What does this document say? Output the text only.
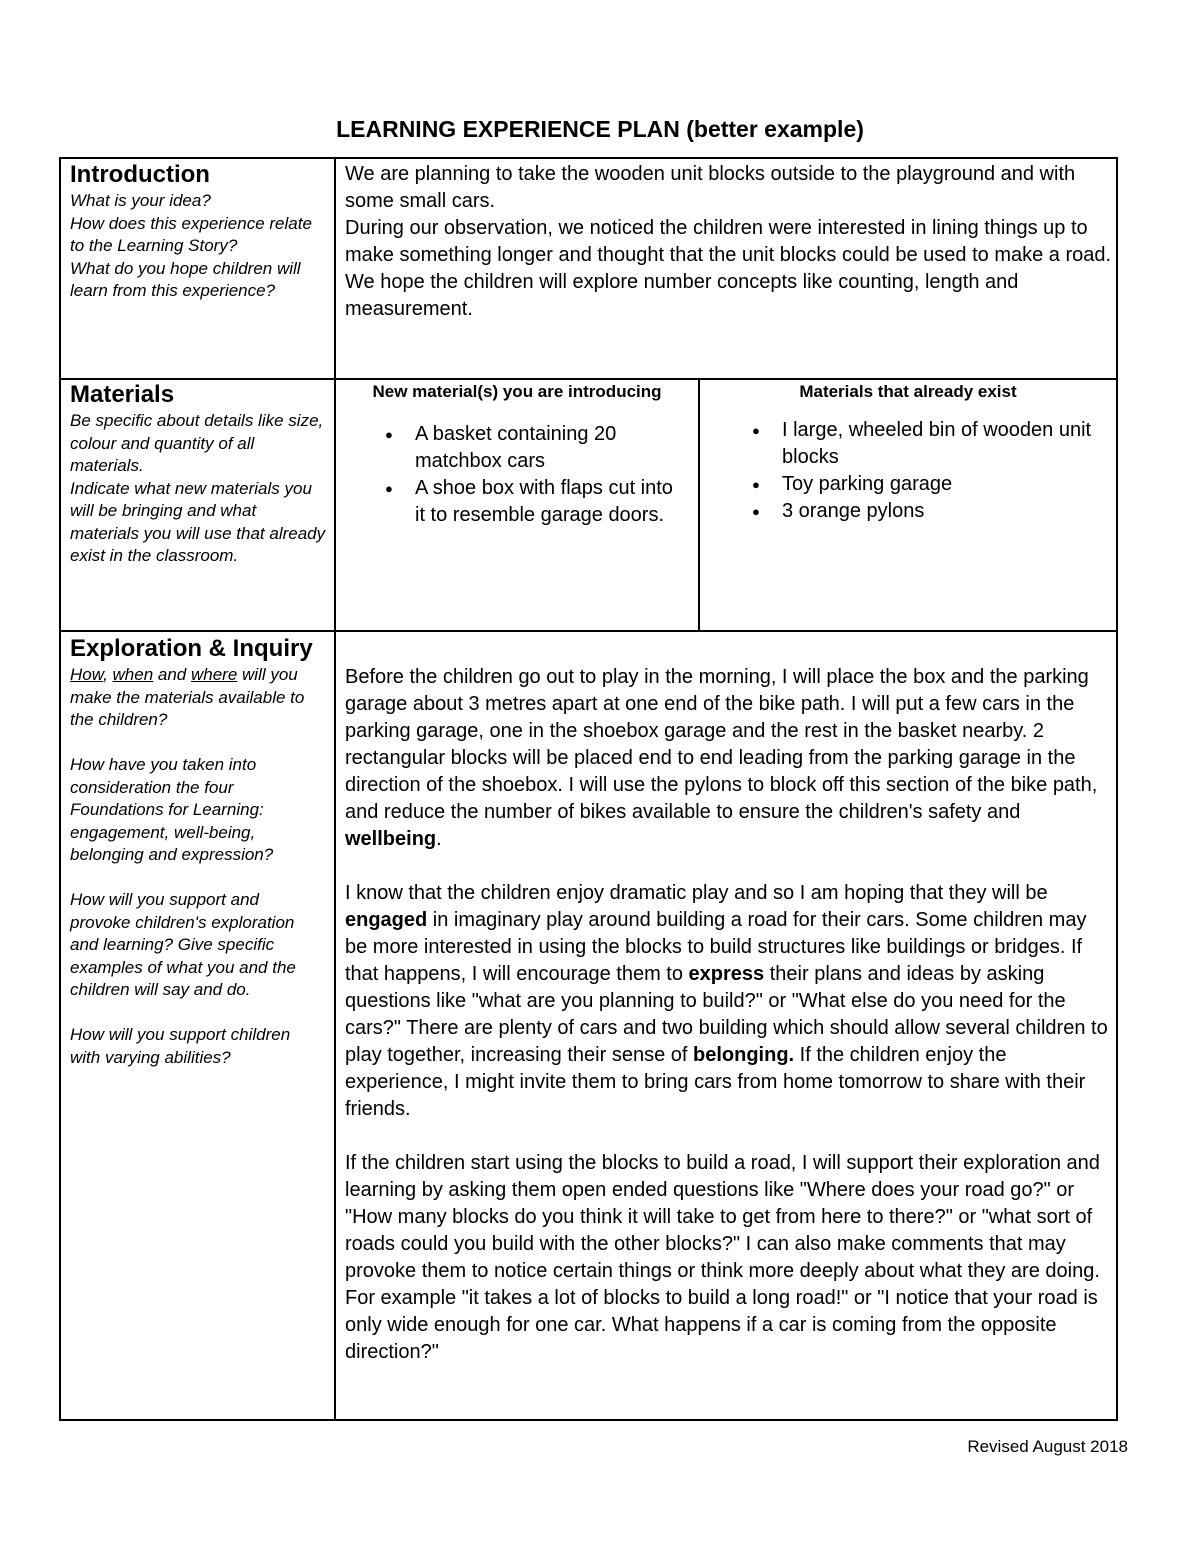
LEARNING EXPERIENCE PLAN (better example)
Introduction
What is your idea?
How does this experience relate to the Learning Story?
What do you hope children will learn from this experience?

We are planning to take the wooden unit blocks outside to the playground and with some small cars.

During our observation, we noticed the children were interested in lining things up to make something longer and thought that the unit blocks could be used to make a road.

We hope the children will explore number concepts like counting, length and measurement.

Materials
Be specific about details like size, colour and quantity of all materials.
Indicate what new materials you will be bringing and what materials you will use that already exist in the classroom.
New material(s) you are introducing
● A basket containing 20 matchbox cars
● A shoe box with flaps cut into it to resemble garage doors.
Materials that already exist
● I large, wheeled bin of wooden unit blocks
● Toy parking garage
● 3 orange pylons
Exploration & Inquiry
How, when and where will you make the materials available to the children?
How have you taken into consideration the four Foundations for Learning: engagement, well-being, belonging and expression?
How will you support and provoke children's exploration and learning? Give specific examples of what you and the children will say and do.
How will you support children with varying abilities?

Before the children go out to play in the morning, I will place the box and the parking garage about 3 metres apart at one end of the bike path. I will put a few cars in the parking garage, one in the shoebox garage and the rest in the basket nearby. 2 rectangular blocks will be placed end to end leading from the parking garage in the direction of the shoebox. I will use the pylons to block off this section of the bike path, and reduce the number of bikes available to ensure the children's safety and wellbeing.

I know that the children enjoy dramatic play and so I am hoping that they will be engaged in imaginary play around building a road for their cars. Some children may be more interested in using the blocks to build structures like buildings or bridges. If that happens, I will encourage them to express their plans and ideas by asking questions like "what are you planning to build?" or "What else do you need for the cars?" There are plenty of cars and two building which should allow several children to play together, increasing their sense of belonging. If the children enjoy the experience, I might invite them to bring cars from home tomorrow to share with their friends.

If the children start using the blocks to build a road, I will support their exploration and learning by asking them open ended questions like "Where does your road go?" or "How many blocks do you think it will take to get from here to there?" or "what sort of roads could you build with the other blocks?" I can also make comments that may provoke them to notice certain things or think more deeply about what they are doing. For example "it takes a lot of blocks to build a long road!" or "I notice that your road is only wide enough for one car. What happens if a car is coming from the opposite direction?"

Revised August 2018
